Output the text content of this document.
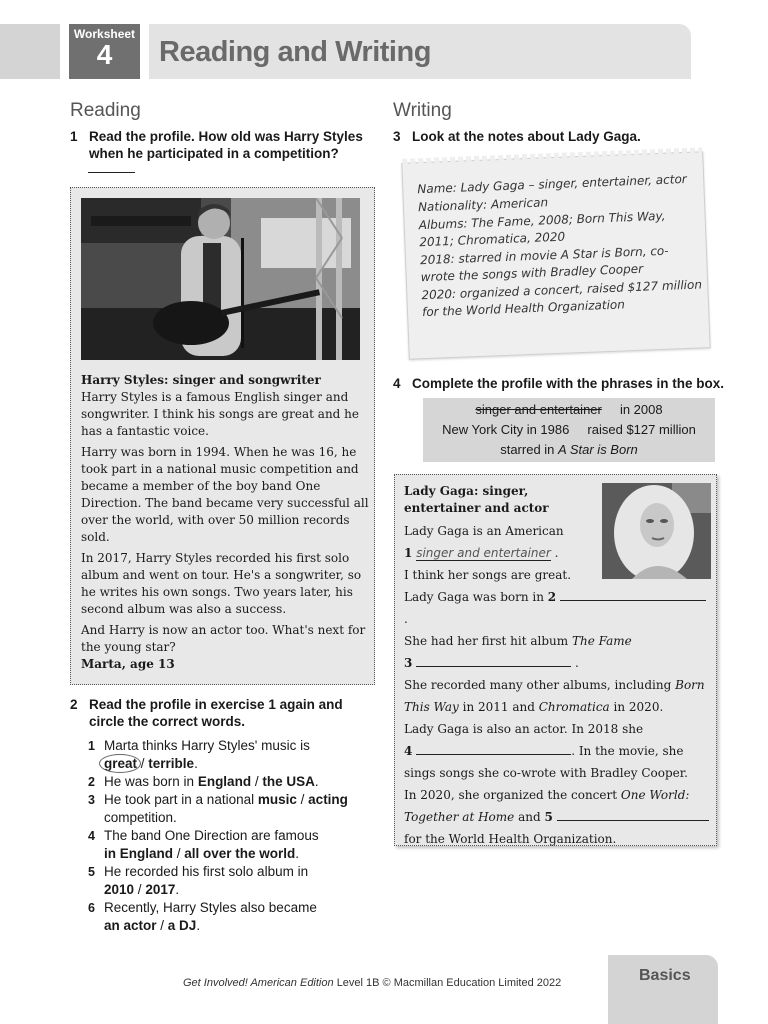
Worksheet
4	Reading and Writing
Reading
1 Read the profile. How old was Harry Styles when he participated in a competition?

Harry Styles: singer and songwriter

Harry Styles is a famous English singer and songwriter. I think his songs are great and he has a fantastic voice.

Harry was born in 1994. When he was 16, he took part in a national music competition and became a member of the boy band One Direction. The band became very successful all over the world, with over 50 million records sold.

In 2017, Harry Styles recorded his first solo album and went on tour. He's a songwriter, so he writes his own songs. Two years later, his second album was also a success.

And Harry is now an actor too. What's next for the young star?

Marta, age 13

2 Read the profile in exercise 1 again and circle the correct words.
1 Marta thinks Harry Styles' music is
great / terrible.
2 He was born in England / the USA.
3 He took part in a national music / acting competition.
4 The band One Direction are famous
in England / all over the world.
5 He recorded his first solo album in
2010 / 2017.
6 Recently, Harry Styles also became
an actor / a DJ.
Writing
3 Look at the notes about Lady Gaga.

Name: Lady Gaga – singer, entertainer, actor

Nationality: American

Albums: The Fame, 2008; Born This Way, 2011; Chromatica, 2020

2018: starred in movie A Star is Born, co-wrote the songs with Bradley Cooper

2020: organized a concert, raised $127 million for the World Health Organization

4 Complete the profile with the phrases in the box.
singer and entertainer in 2008
New York City in 1986 raised $127 million
starred in A Star is Born
Lady Gaga: singer, entertainer and actor
Lady Gaga is an American
1 singer and entertainer .
I think her songs are great.
Lady Gaga was born in 2  .
She had her first hit album The Fame
3	.
She recorded many other albums, including Born This Way in 2011 and Chromatica in 2020.
Lady Gaga is also an actor. In 2018 she
4	. In the movie, she sings songs she co-wrote with Bradley Cooper.
In 2020, she organized the concert One World: Together at Home and 5
for the World Health Organization.
Get Involved! American Edition Level 1B © Macmillan Education Limited 2022	Basics
